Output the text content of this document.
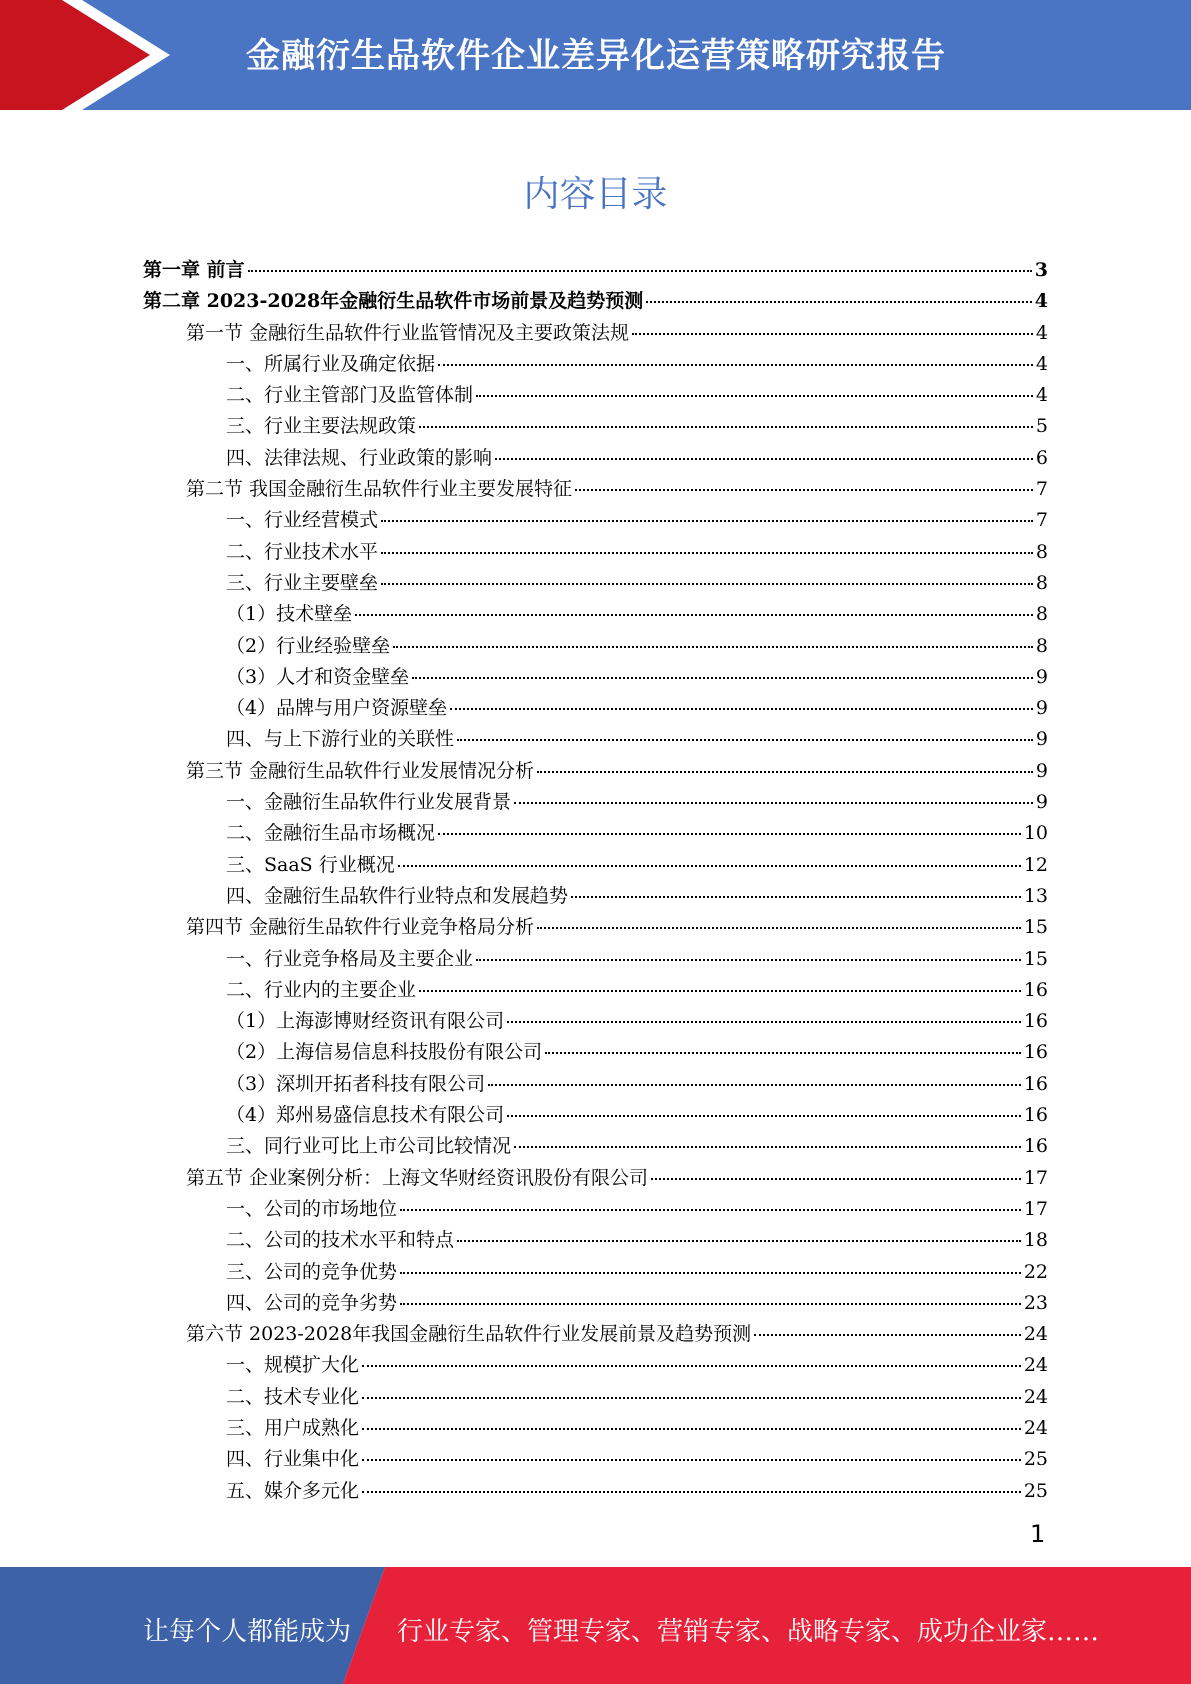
金融衍生品软件企业差异化运营策略研究报告
内容目录
第一章 前言	3
第二章 2023-2028年金融衍生品软件市场前景及趋势预测	4
第一节 金融衍生品软件行业监管情况及主要政策法规	4
一、所属行业及确定依据	4
二、行业主管部门及监管体制	4
三、行业主要法规政策	5
四、法律法规、行业政策的影响	6
第二节 我国金融衍生品软件行业主要发展特征	7
一、行业经营模式	7
二、行业技术水平	8
三、行业主要壁垒	8
（1）技术壁垒	8
（2）行业经验壁垒	8
（3）人才和资金壁垒	9
（4）品牌与用户资源壁垒	9
四、与上下游行业的关联性	9
第三节 金融衍生品软件行业发展情况分析	9
一、金融衍生品软件行业发展背景	9
二、金融衍生品市场概况	10
三、SaaS 行业概况	12
四、金融衍生品软件行业特点和发展趋势	13
第四节 金融衍生品软件行业竞争格局分析	15
一、行业竞争格局及主要企业	15
二、行业内的主要企业	16
（1）上海澎博财经资讯有限公司	16
（2）上海信易信息科技股份有限公司	16
（3）深圳开拓者科技有限公司	16
（4）郑州易盛信息技术有限公司	16
三、同行业可比上市公司比较情况	16
第五节 企业案例分析：上海文华财经资讯股份有限公司	17
一、公司的市场地位	17
二、公司的技术水平和特点	18
三、公司的竞争优势	22
四、公司的竞争劣势	23
第六节 2023-2028年我国金融衍生品软件行业发展前景及趋势预测	24
一、规模扩大化	24
二、技术专业化	24
三、用户成熟化	24
四、行业集中化	25
五、媒介多元化	25
1
让每个人都能成为 行业专家、管理专家、营销专家、战略专家、成功企业家……
